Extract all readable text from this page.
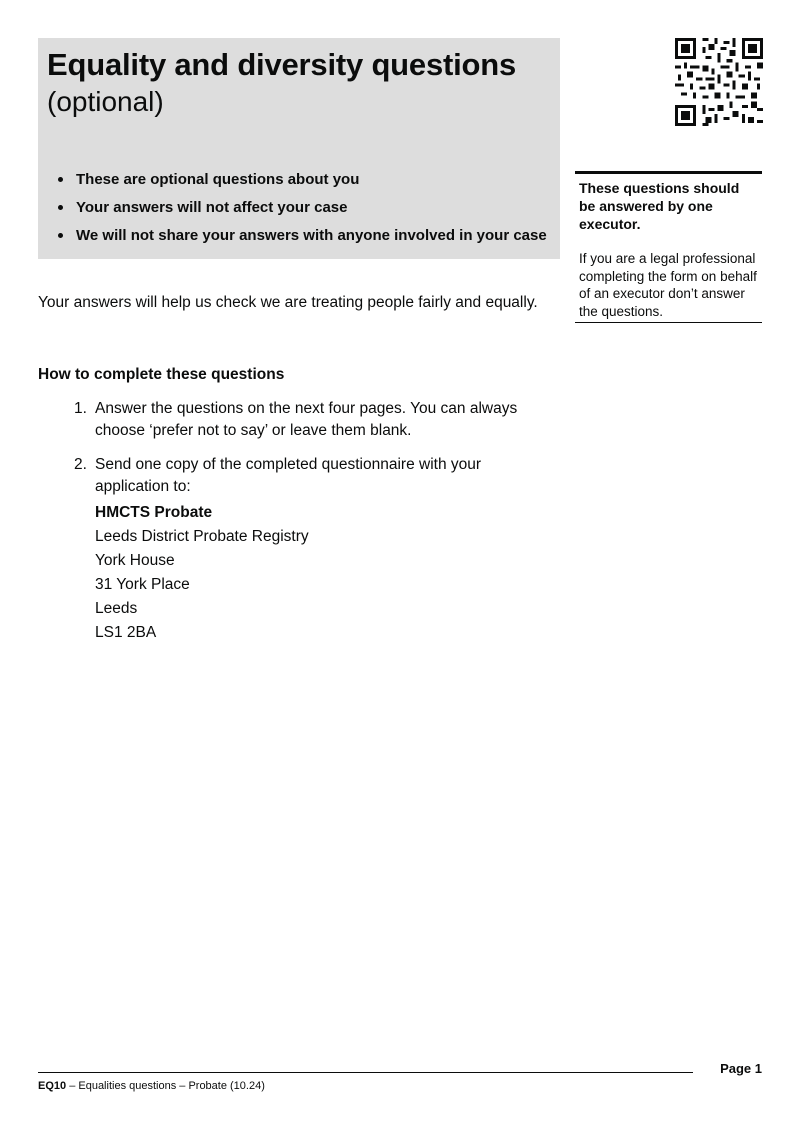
Equality and diversity questions
(optional)
These are optional questions about you
Your answers will not affect your case
We will not share your answers with anyone involved in your case

These questions should be answered by one executor.

If you are a legal professional completing the form on behalf of an executor don’t answer the questions.

Your answers will help us check we are treating people fairly and equally.

How to complete these questions
1. Answer the questions on the next four pages. You can always choose ‘prefer not to say’ or leave them blank.
2. Send one copy of the completed questionnaire with your application to:
HMCTS Probate
Leeds District Probate Registry
York House
31 York Place
Leeds
LS1 2BA
Page 1
EQ10 – Equalities questions – Probate (10.24)
